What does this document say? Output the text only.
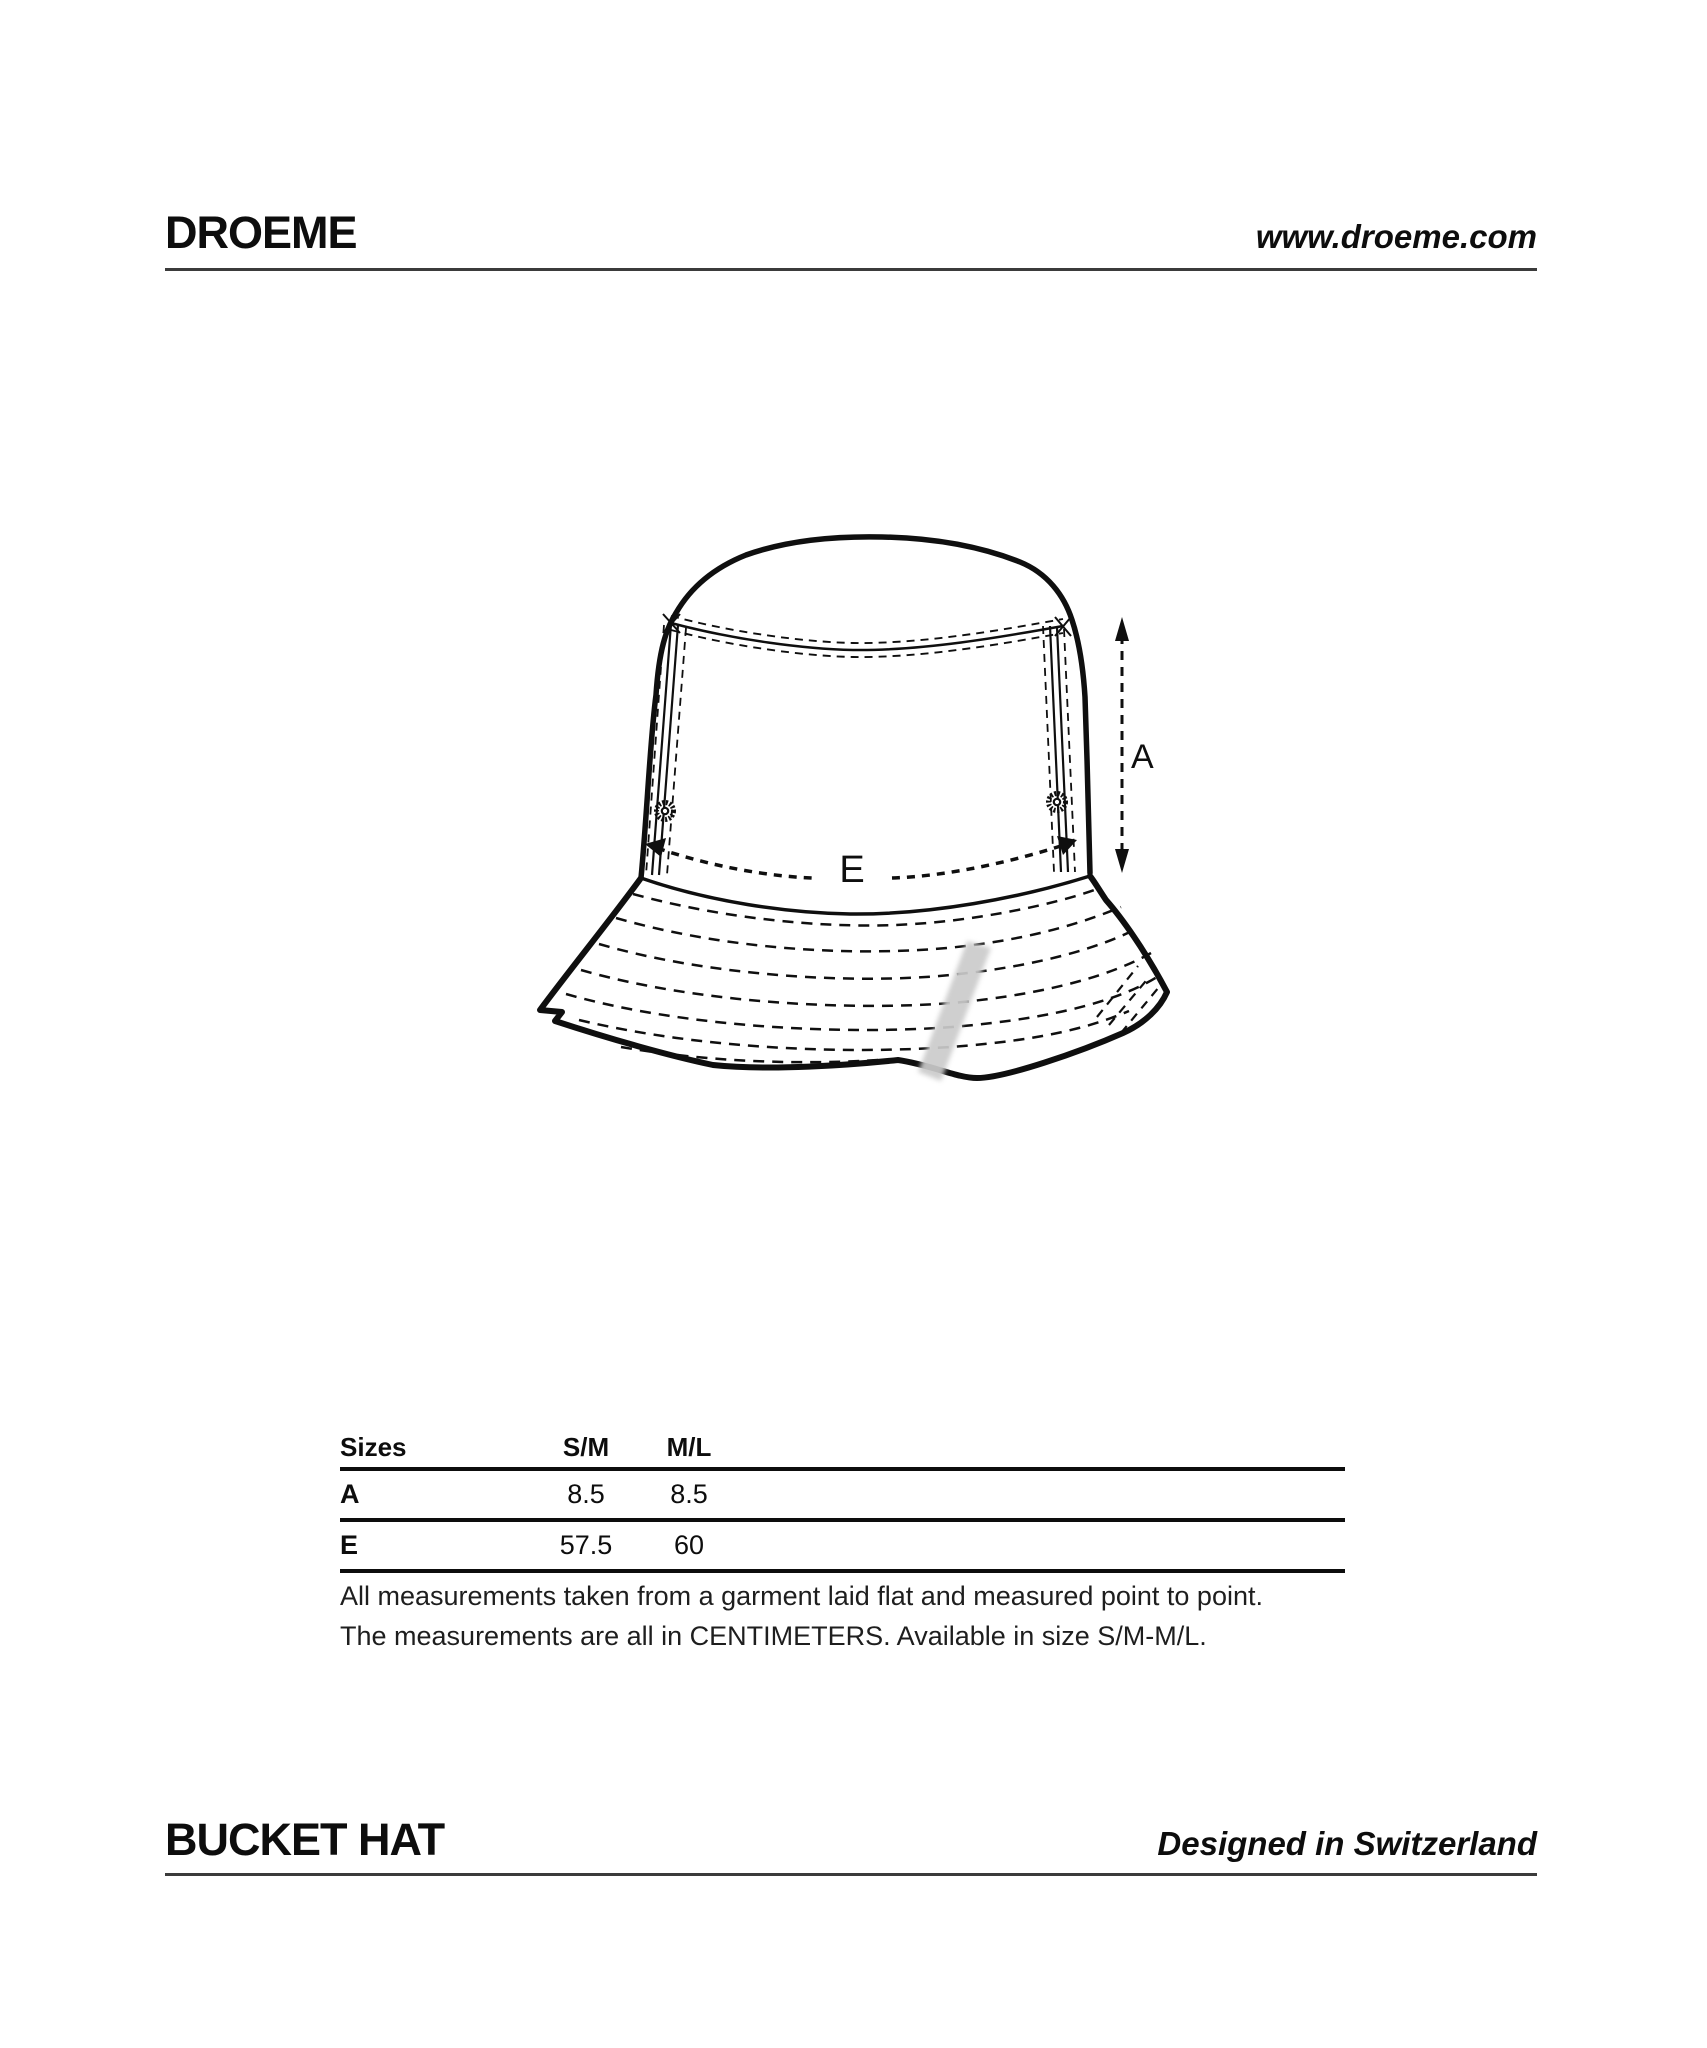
DROEME	www.droeme.com
E
A
Sizes	S/M M/L
A	8.5	8.5
E	57.5	60
All measurements taken from a garment laid flat and measured point to point.
The measurements are all in CENTIMETERS. Available in size S/M-M/L.
BUCKET HAT	Designed in Switzerland
